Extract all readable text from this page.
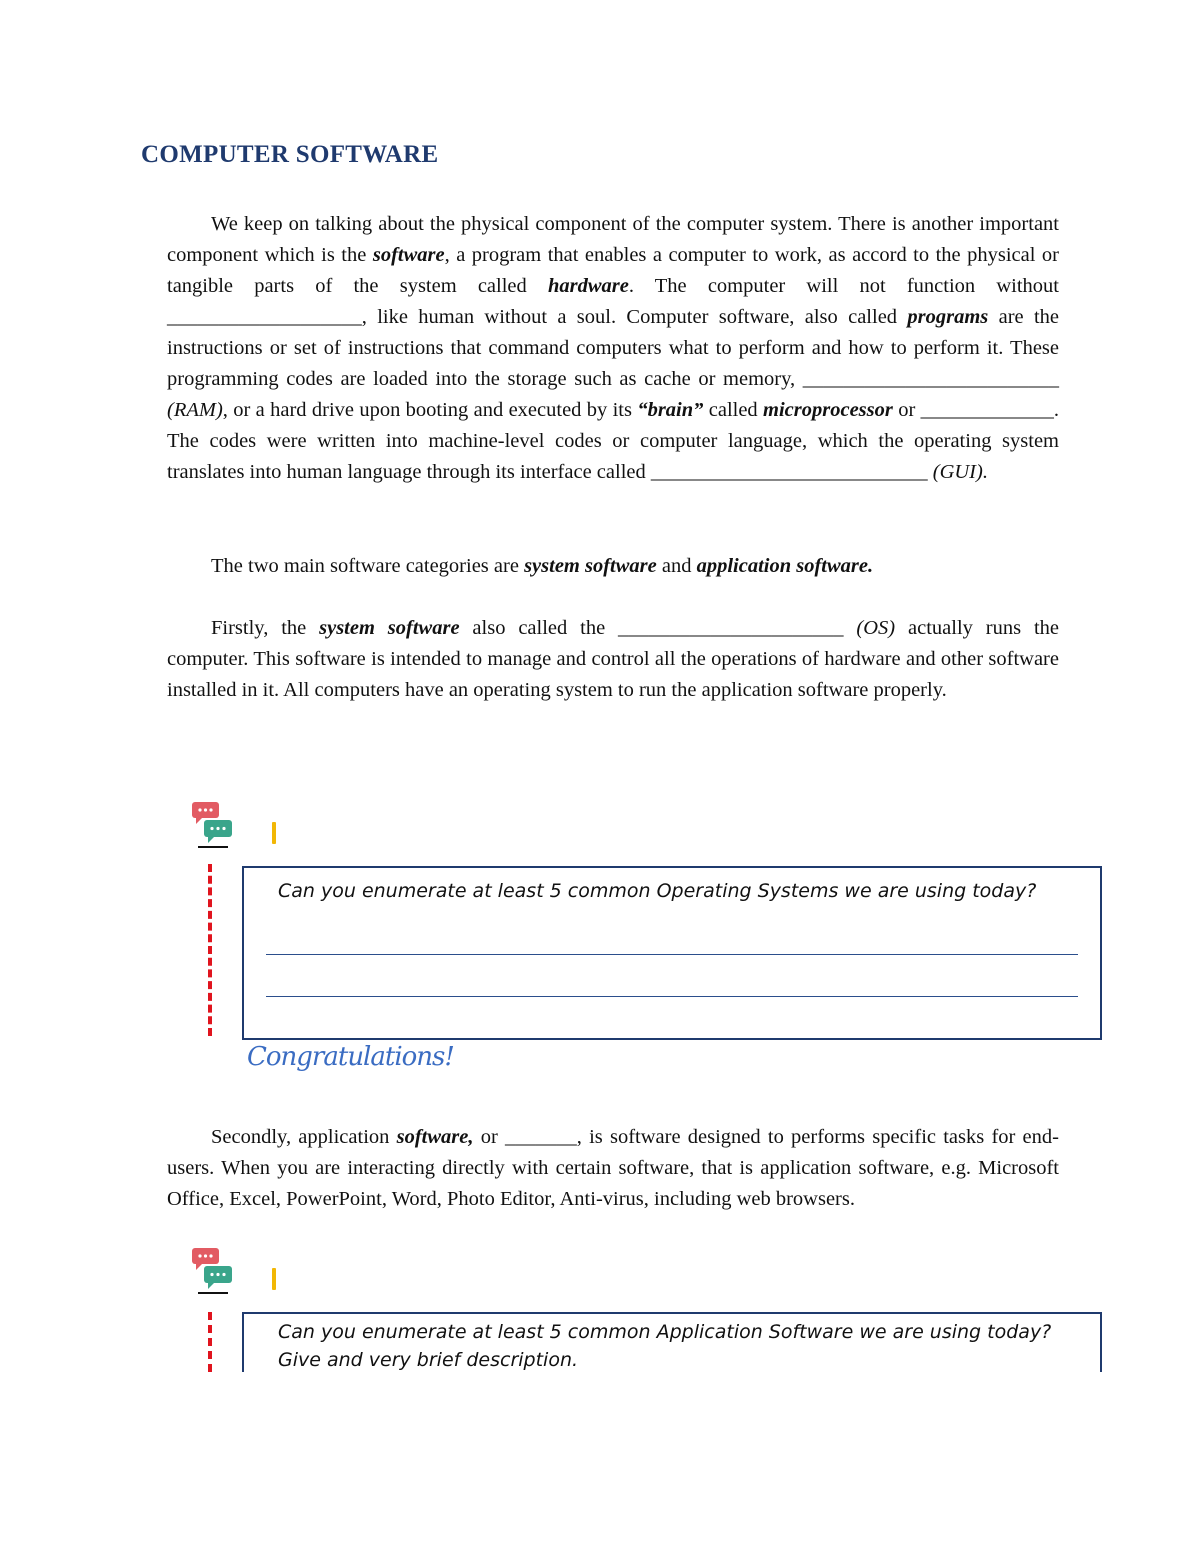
COMPUTER SOFTWARE
We keep on talking about the physical component of the computer system. There is another important component which is the software, a program that enables a computer to work, as accord to the physical or tangible parts of the system called hardware. The computer will not function without ___________________, like human without a soul. Computer software, also called programs are the instructions or set of instructions that command computers what to perform and how to perform it. These programming codes are loaded into the storage such as cache or memory, _________________________ (RAM), or a hard drive upon booting and executed by its “brain” called microprocessor or _____________. The codes were written into machine-level codes or computer language, which the operating system translates into human language through its interface called ___________________________ (GUI).
The two main software categories are system software and application software.
Firstly, the system software also called the ______________________ (OS) actually runs the computer. This software is intended to manage and control all the operations of hardware and other software installed in it. All computers have an operating system to run the application software properly.
Can you enumerate at least 5 common Operating Systems we are using today?
Congratulations!
Secondly, application software, or _______, is software designed to performs specific tasks for end-users. When you are interacting directly with certain software, that is application software, e.g. Microsoft Office, Excel, PowerPoint, Word, Photo Editor, Anti-virus, including web browsers.
Can you enumerate at least 5 common Application Software we are using today?
Give and very brief description.
